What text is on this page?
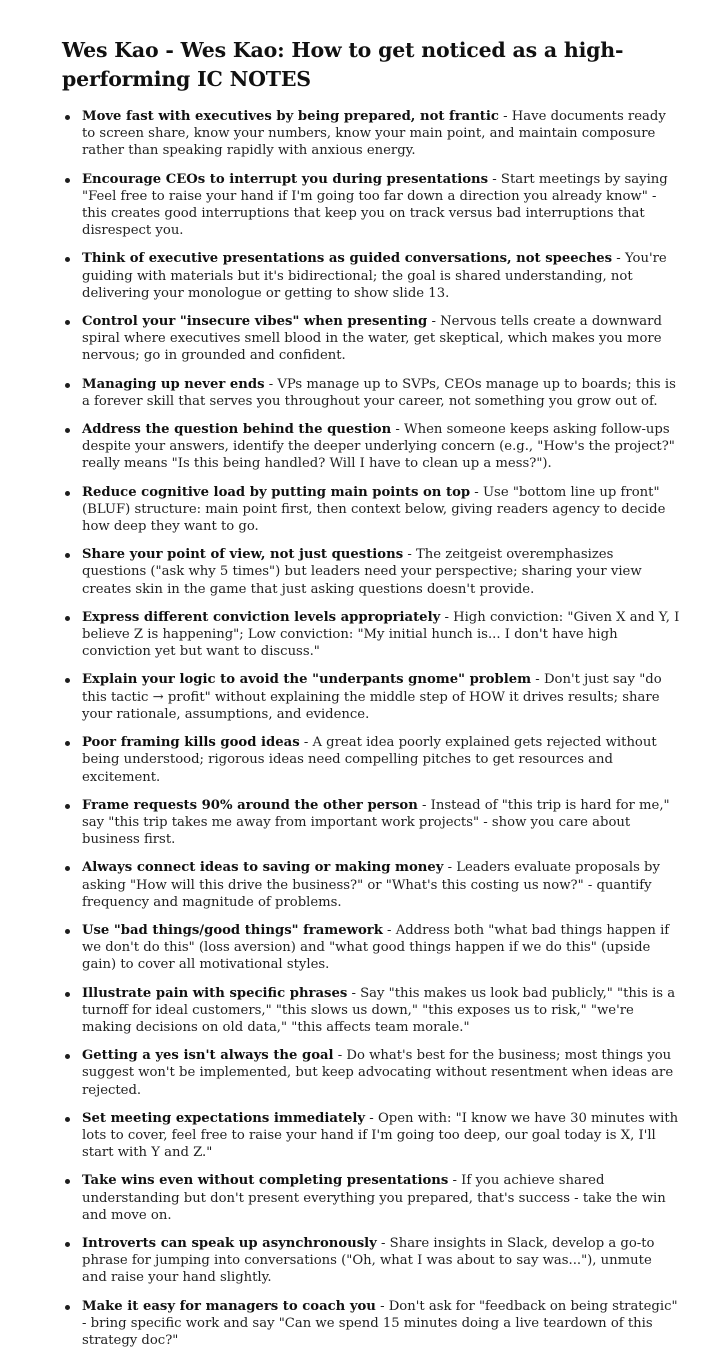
Wes Kao - Wes Kao: How to get noticed as a high-performing IC NOTES
Move fast with executives by being prepared, not frantic - Have documents ready to screen share, know your numbers, know your main point, and maintain composure rather than speaking rapidly with anxious energy.
Encourage CEOs to interrupt you during presentations - Start meetings by saying "Feel free to raise your hand if I'm going too far down a direction you already know" - this creates good interruptions that keep you on track versus bad interruptions that disrespect you.
Think of executive presentations as guided conversations, not speeches - You're guiding with materials but it's bidirectional; the goal is shared understanding, not delivering your monologue or getting to show slide 13.
Control your "insecure vibes" when presenting - Nervous tells create a downward spiral where executives smell blood in the water, get skeptical, which makes you more nervous; go in grounded and confident.
Managing up never ends - VPs manage up to SVPs, CEOs manage up to boards; this is a forever skill that serves you throughout your career, not something you grow out of.
Address the question behind the question - When someone keeps asking follow-ups despite your answers, identify the deeper underlying concern (e.g., "How's the project?" really means "Is this being handled? Will I have to clean up a mess?").
Reduce cognitive load by putting main points on top - Use "bottom line up front" (BLUF) structure: main point first, then context below, giving readers agency to decide how deep they want to go.
Share your point of view, not just questions - The zeitgeist overemphasizes questions ("ask why 5 times") but leaders need your perspective; sharing your view creates skin in the game that just asking questions doesn't provide.
Express different conviction levels appropriately - High conviction: "Given X and Y, I believe Z is happening"; Low conviction: "My initial hunch is... I don't have high conviction yet but want to discuss."
Explain your logic to avoid the "underpants gnome" problem - Don't just say "do this tactic → profit" without explaining the middle step of HOW it drives results; share your rationale, assumptions, and evidence.
Poor framing kills good ideas - A great idea poorly explained gets rejected without being understood; rigorous ideas need compelling pitches to get resources and excitement.
Frame requests 90% around the other person - Instead of "this trip is hard for me," say "this trip takes me away from important work projects" - show you care about business first.
Always connect ideas to saving or making money - Leaders evaluate proposals by asking "How will this drive the business?" or "What's this costing us now?" - quantify frequency and magnitude of problems.
Use "bad things/good things" framework - Address both "what bad things happen if we don't do this" (loss aversion) and "what good things happen if we do this" (upside gain) to cover all motivational styles.
Illustrate pain with specific phrases - Say "this makes us look bad publicly," "this is a turnoff for ideal customers," "this slows us down," "this exposes us to risk," "we're making decisions on old data," "this affects team morale."
Getting a yes isn't always the goal - Do what's best for the business; most things you suggest won't be implemented, but keep advocating without resentment when ideas are rejected.
Set meeting expectations immediately - Open with: "I know we have 30 minutes with lots to cover, feel free to raise your hand if I'm going too deep, our goal today is X, I'll start with Y and Z."
Take wins even without completing presentations - If you achieve shared understanding but don't present everything you prepared, that's success - take the win and move on.
Introverts can speak up asynchronously - Share insights in Slack, develop a go-to phrase for jumping into conversations ("Oh, what I was about to say was..."), unmute and raise your hand slightly.
Make it easy for managers to coach you - Don't ask for "feedback on being strategic" - bring specific work and say "Can we spend 15 minutes doing a live teardown of this strategy doc?"
